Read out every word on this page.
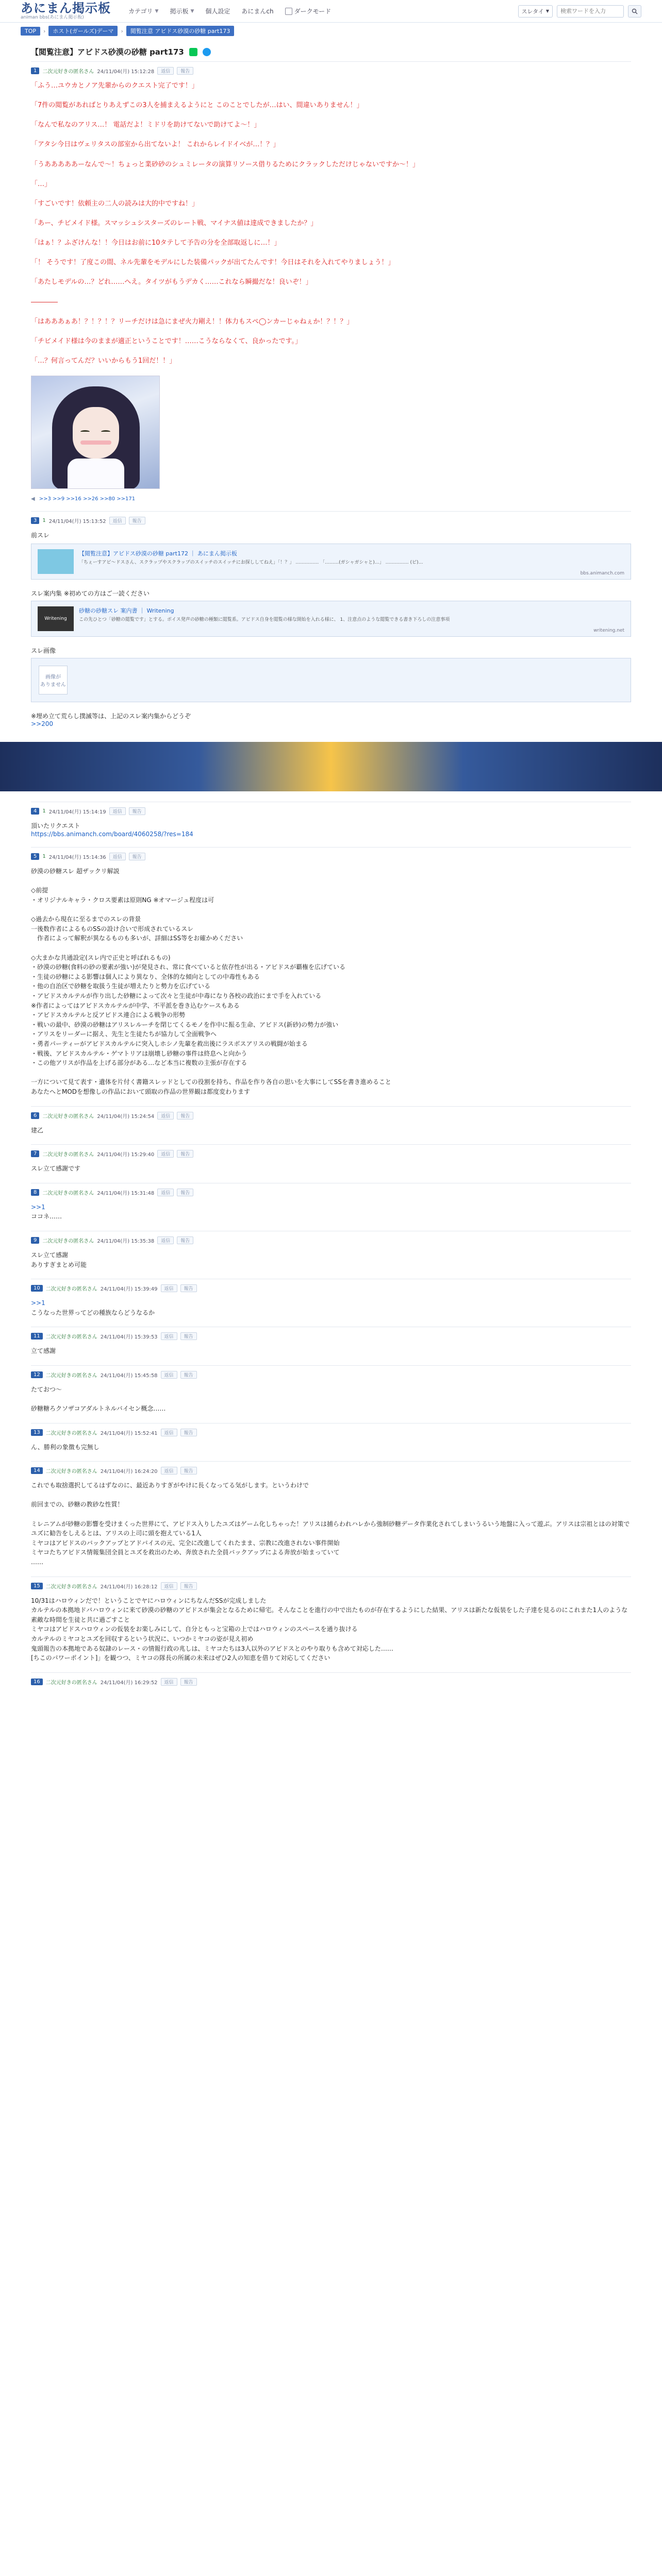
あにまん掲示板
animan bbs(あにまん掲示板)
カテゴリ ▼ 掲示板 ▼ 個人設定 あにまんch	ダークモード	スレタイ ▼
検索ワードを入力
TOP	›	ホスト(ガールズ)デーマ	›	閲覧注意 アビドス砂漠の砂糖 part173
【閲覧注意】アビドス砂漠の砂糖 part173
1	二次元好きの匿名さん 24/11/04(月) 15:12:28	返信	報告

「ふう…ユウカとノア先輩からのクエスト完了です！」

「7件の閲覧があればとりあえずこの3人を捕まえるようにと このことでしたが…はい、間違いありません！」

「なんで私なのアリス…！ 電話だよ！ミドリを助けてないで助けてよ～！」

「アタシ今日はヴェリタスの部室から出てないよ！ これからレイドイベが…！？」

「うあああああーなんで～！ちょっと業砂砂のシュミレータの演算リソース借りるためにクラックしただけじゃないですか～！」

「…」

「すごいです！依頼主の二人の読みは大的中ですね！」

「あー、チビメイド様。スマッシュシスターズのレート戦、マイナス値は達成できましたか？」

「はぁ！？ふざけんな！！今日はお前に10タテして予告の分を全部取返しに…！」

「！ そうです！了度この間、ネル先輩をモデルにした装備パックが出てたんです！今日はそれを入れてやりましょう！」

「あたしモデルの…？どれ……へえ。タイツがもうデカく……これなら瞬撮だな！良いぞ！」

――――

「はあああぁあ！？！？！？リーチだけは急にまぜ火力剛え！！体力もスペ◯ンカーじゃねぇか！？！？」

「チビメイド様は今のままが適正ということです！……こうならなくて、良かったです。」

「…？何言ってんだ？いいからもう1回だ！！」

◀ >>3 >>9 >>16 >>26 >>80 >>171
3	1 24/11/04(月) 15:13:52	返信	報告
前スレ
【閲覧注意】アビドス砂漠の砂糖 part172 ｜ あにまん掲示板
「ちぇーすアビ〜ドスさん、スクラップやスクラップのスイッチのスイッチにお探ししてねえ」「！？」 …………… 「………(ガシャガシャと)…」 …………… (ピ)…
bbs.animanch.com
スレ案内集 ※初めての方はご一読ください
Writening
砂糖の砂糖スレ 案内書 ｜ Writening
この先ひとつ「砂糖の閲覧です」とする。ボイス発声の砂糖の種類に閲覧系。アビドス自身を閲覧の様な開始を入れる様に、 1、注意点のような閲覧できる書き下ろしの注意事項
writening.net
スレ画像
画像が
ありません
※埋め立て荒らし撲滅等は、上記のスレ案内集からどうぞ
>>200
4	1 24/11/04(月) 15:14:19	返信	報告
頂いたリクエスト
https://bbs.animanch.com/board/4060258/?res=184
5	1 24/11/04(月) 15:14:36	返信	報告
砂漠の砂糖スレ 超ザックリ解説

◇前提
・オリジナルキャラ・クロス要素は原則NG ※オマージュ程度は可

◇過去から現在に至るまでのスレの背景
一後数作者によるものSSの設け合いで形成されているスレ
　作者によって解釈が異なるものも多いが、詳細はSS等をお確かめください

◇大まかな共通設定(スレ内で正史と呼ばれるもの)
・砂漠の砂糖(食料の砂の要素が強い)が発見され、常に食べていると依存性が出る・アビドスが覇権を広げている
・生徒の砂糖による影響は個人により異なり、全体的な傾向としての中毒性もある
・他の自治区で砂糖を取扱う生徒が増えたりと勢力を広げている
・アビドスカルテルが作り出した砂糖によって次々と生徒が中毒になり各校の政治にまで手を入れている
※作者によってはアビドスカルテルが中学、不平派を巻き込むケースもある
・アビドスカルテルと反アビドス連合による戦争の形勢
・戦いの最中、砂漠の砂糖はアリスレルーチを閉じてくるモノを作中に振る生命、アビドス(新砂)の勢力が強い
・アリスをリーダーに据え、先生と生徒たちが協力して全面戦争へ
・勇者パーティーがアビドスカルテルに突入しホシノ先輩を救出後にラスボスアリスの戦闘が始まる
・戦後、アビドスカルテル・ゲマトリアは崩壊し砂糖の事件は終息へと向かう
・この他アリスが作品を上げる部分がある…など本当に複数の主張が存在する

一方について見て表す・遺体を片付く書籍スレッドとしての役割を持ち、作品を作り各自の思いを大事にしてSSを書き進めること
あなたへとMODを想像しの作品において頭取の作品の世界観は都度変わります
6	二次元好きの匿名さん 24/11/04(月) 15:24:54	返信	報告
建乙
7	二次元好きの匿名さん 24/11/04(月) 15:29:40	返信	報告
スレ立て感謝です
8	二次元好きの匿名さん 24/11/04(月) 15:31:48	返信	報告
>>1
ココネ……
9	二次元好きの匿名さん 24/11/04(月) 15:35:38	返信	報告
スレ立て感謝
ありすぎまとめ可能
10	二次元好きの匿名さん 24/11/04(月) 15:39:49	返信	報告
>>1
こうなった世界ってどの種族ならどうなるか
11	二次元好きの匿名さん 24/11/04(月) 15:39:53	返信	報告
立て感謝
12	二次元好きの匿名さん 24/11/04(月) 15:45:58	返信	報告
たておつ～

砂糖糖ろクソザコアダルトネルバイセン概念……
13	二次元好きの匿名さん 24/11/04(月) 15:52:41	返信	報告
ん、勝利の象徴も完無し
14	二次元好きの匿名さん 24/11/04(月) 16:24:20	返信	報告
これでも取捨選択してるはずなのに、最近ありすぎがやけに長くなってる気がします。というわけで

前回までの、砂糖の教砂な性質！

ミレニアムが砂糖の影響を受けまくった世界にて、アビドス入りしたユズはゲーム化しちゃった！アリスは捕らわれハレから強制砂糖データ作業化されてしまいうるいう地盤に入って遊ぶ。アリスは宗祖とはの対策でユズに勧告をしえるとは、アリスの上司に頭を抱えている1人
ミヤコはアビドスのバックアップとアドバイスの元、完全に改進してくれたまま、宗教に改進されない事件開始
ミヤコたちアビドス情報集団全員とユズを救出のため、奔放された全員バックアップによる奔放が始まっていて
……
15	二次元好きの匿名さん 24/11/04(月) 16:28:12	返信	報告
10/31はハロウィンだで！ということでヤにハロウィンにちなんだSSが完成しました
カルテルの本拠地ドバハロウィンに来て砂漠の砂糖のアビドスが集会となるために帰宅。そんなことを進行の中で出たものが存在するようにした結果、アリスは新たな仮装をした子達を見るのにこれまた1人のような素敵な時間を生徒と共に過ごすこと
ミヤコはアビドスハロウィンの仮装をお楽しみにして、自分ともっと宝箱の上ではハロウィンのスペースを通り抜ける
カルテルのミヤコとユズを回収するという状況に、いつかミヤコの姿が見え初め
鬼頭報告の本拠地である奴隷のレース・の情報行政の兆しは、ミヤコたちは3人以外のアビドスとのやり取りも含めて対応した……
[ちこのパワーポイント]」を観つつ、ミヤコの隊長の所属の未来はぜひ2人の知恵を借りて対応してください
16	二次元好きの匿名さん 24/11/04(月) 16:29:52	返信	報告
